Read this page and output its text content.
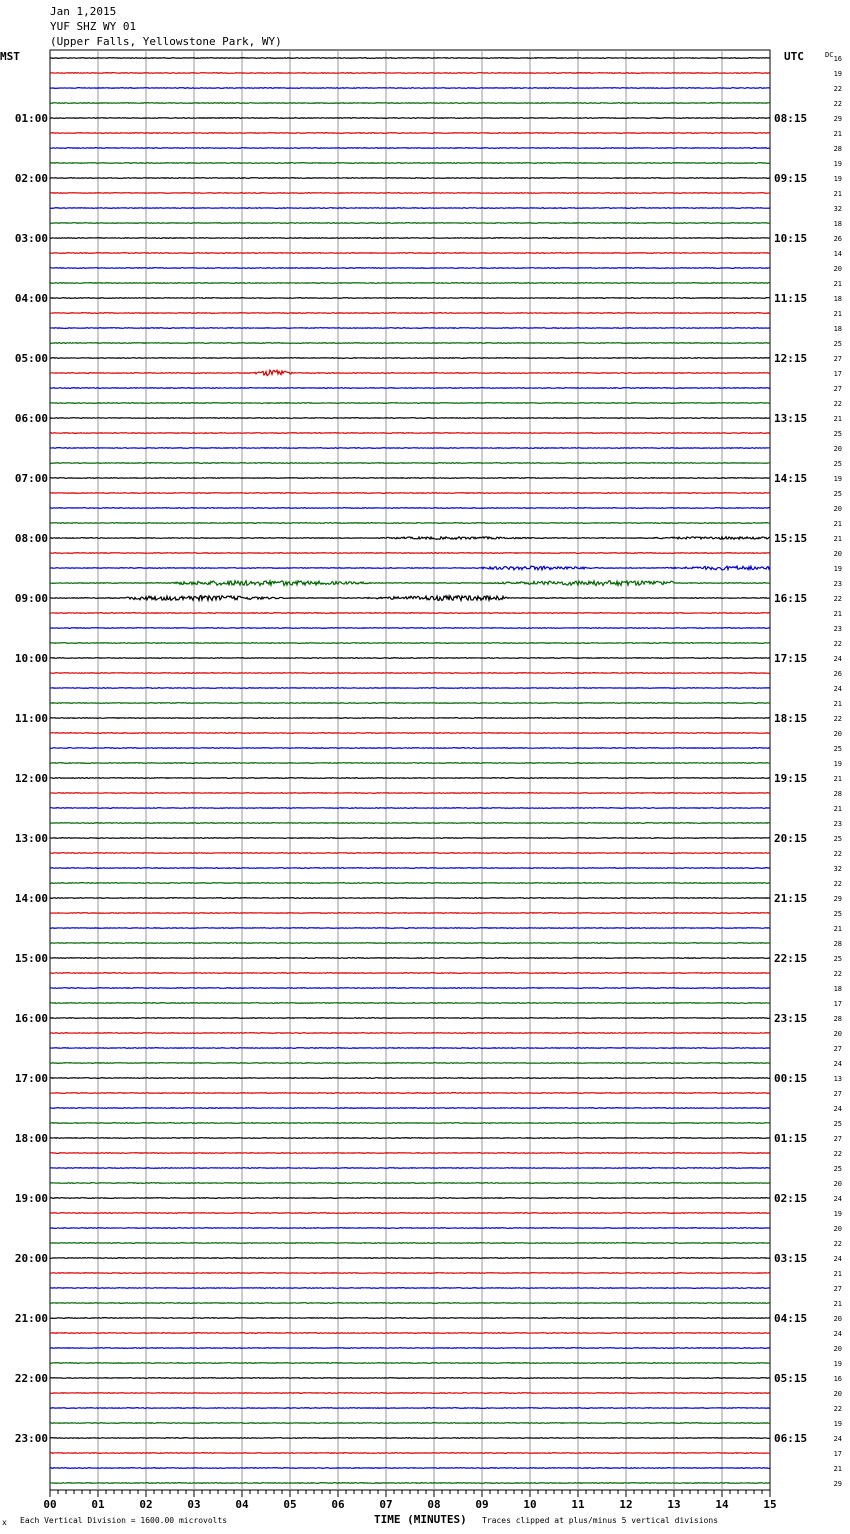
Jan 1,2015
YUF SHZ WY 01
(Upper Falls, Yellowstone Park, WY)
MST	UTC	16
19
22
22
29
01:00	08:15
21
28
19
19
02:00	09:15
21
32
18
26
03:00	10:15
14
20
21
18
04:00	11:15
21
18
25
27
05:00	12:15
17
27
22
21
06:00	13:15
25
20
25
19
07:00	14:15
25
20
21
21
08:00	15:15
20
19
23
22
09:00	16:15
21
23
22
24
10:00	17:15
26
24
21
22
11:00	18:15
20
25
19
21
12:00	19:15
28
21
23
25
13:00	20:15
22
32
22
29
14:00	21:15
25
21
28
25
15:00	22:15
22
18
17
28
16:00	23:15
20
27
24
13
17:00	00:15
27
24
25
27
18:00	01:15
22
25
20
24
19:00	02:15
19
20
22
24
20:00	03:15
21
27
21
20
21:00	04:15
24
20
19
16
22:00	05:15
20
22
19
24
23:00	06:15
17
21
29
DC
00	01	02	03	04	05	06	07	08	09	10	11	12	13	14	15
x Each Vertical Division = 1600.00 microvolts	TIME (MINUTES) Traces clipped at plus/minus 5 vertical divisions
